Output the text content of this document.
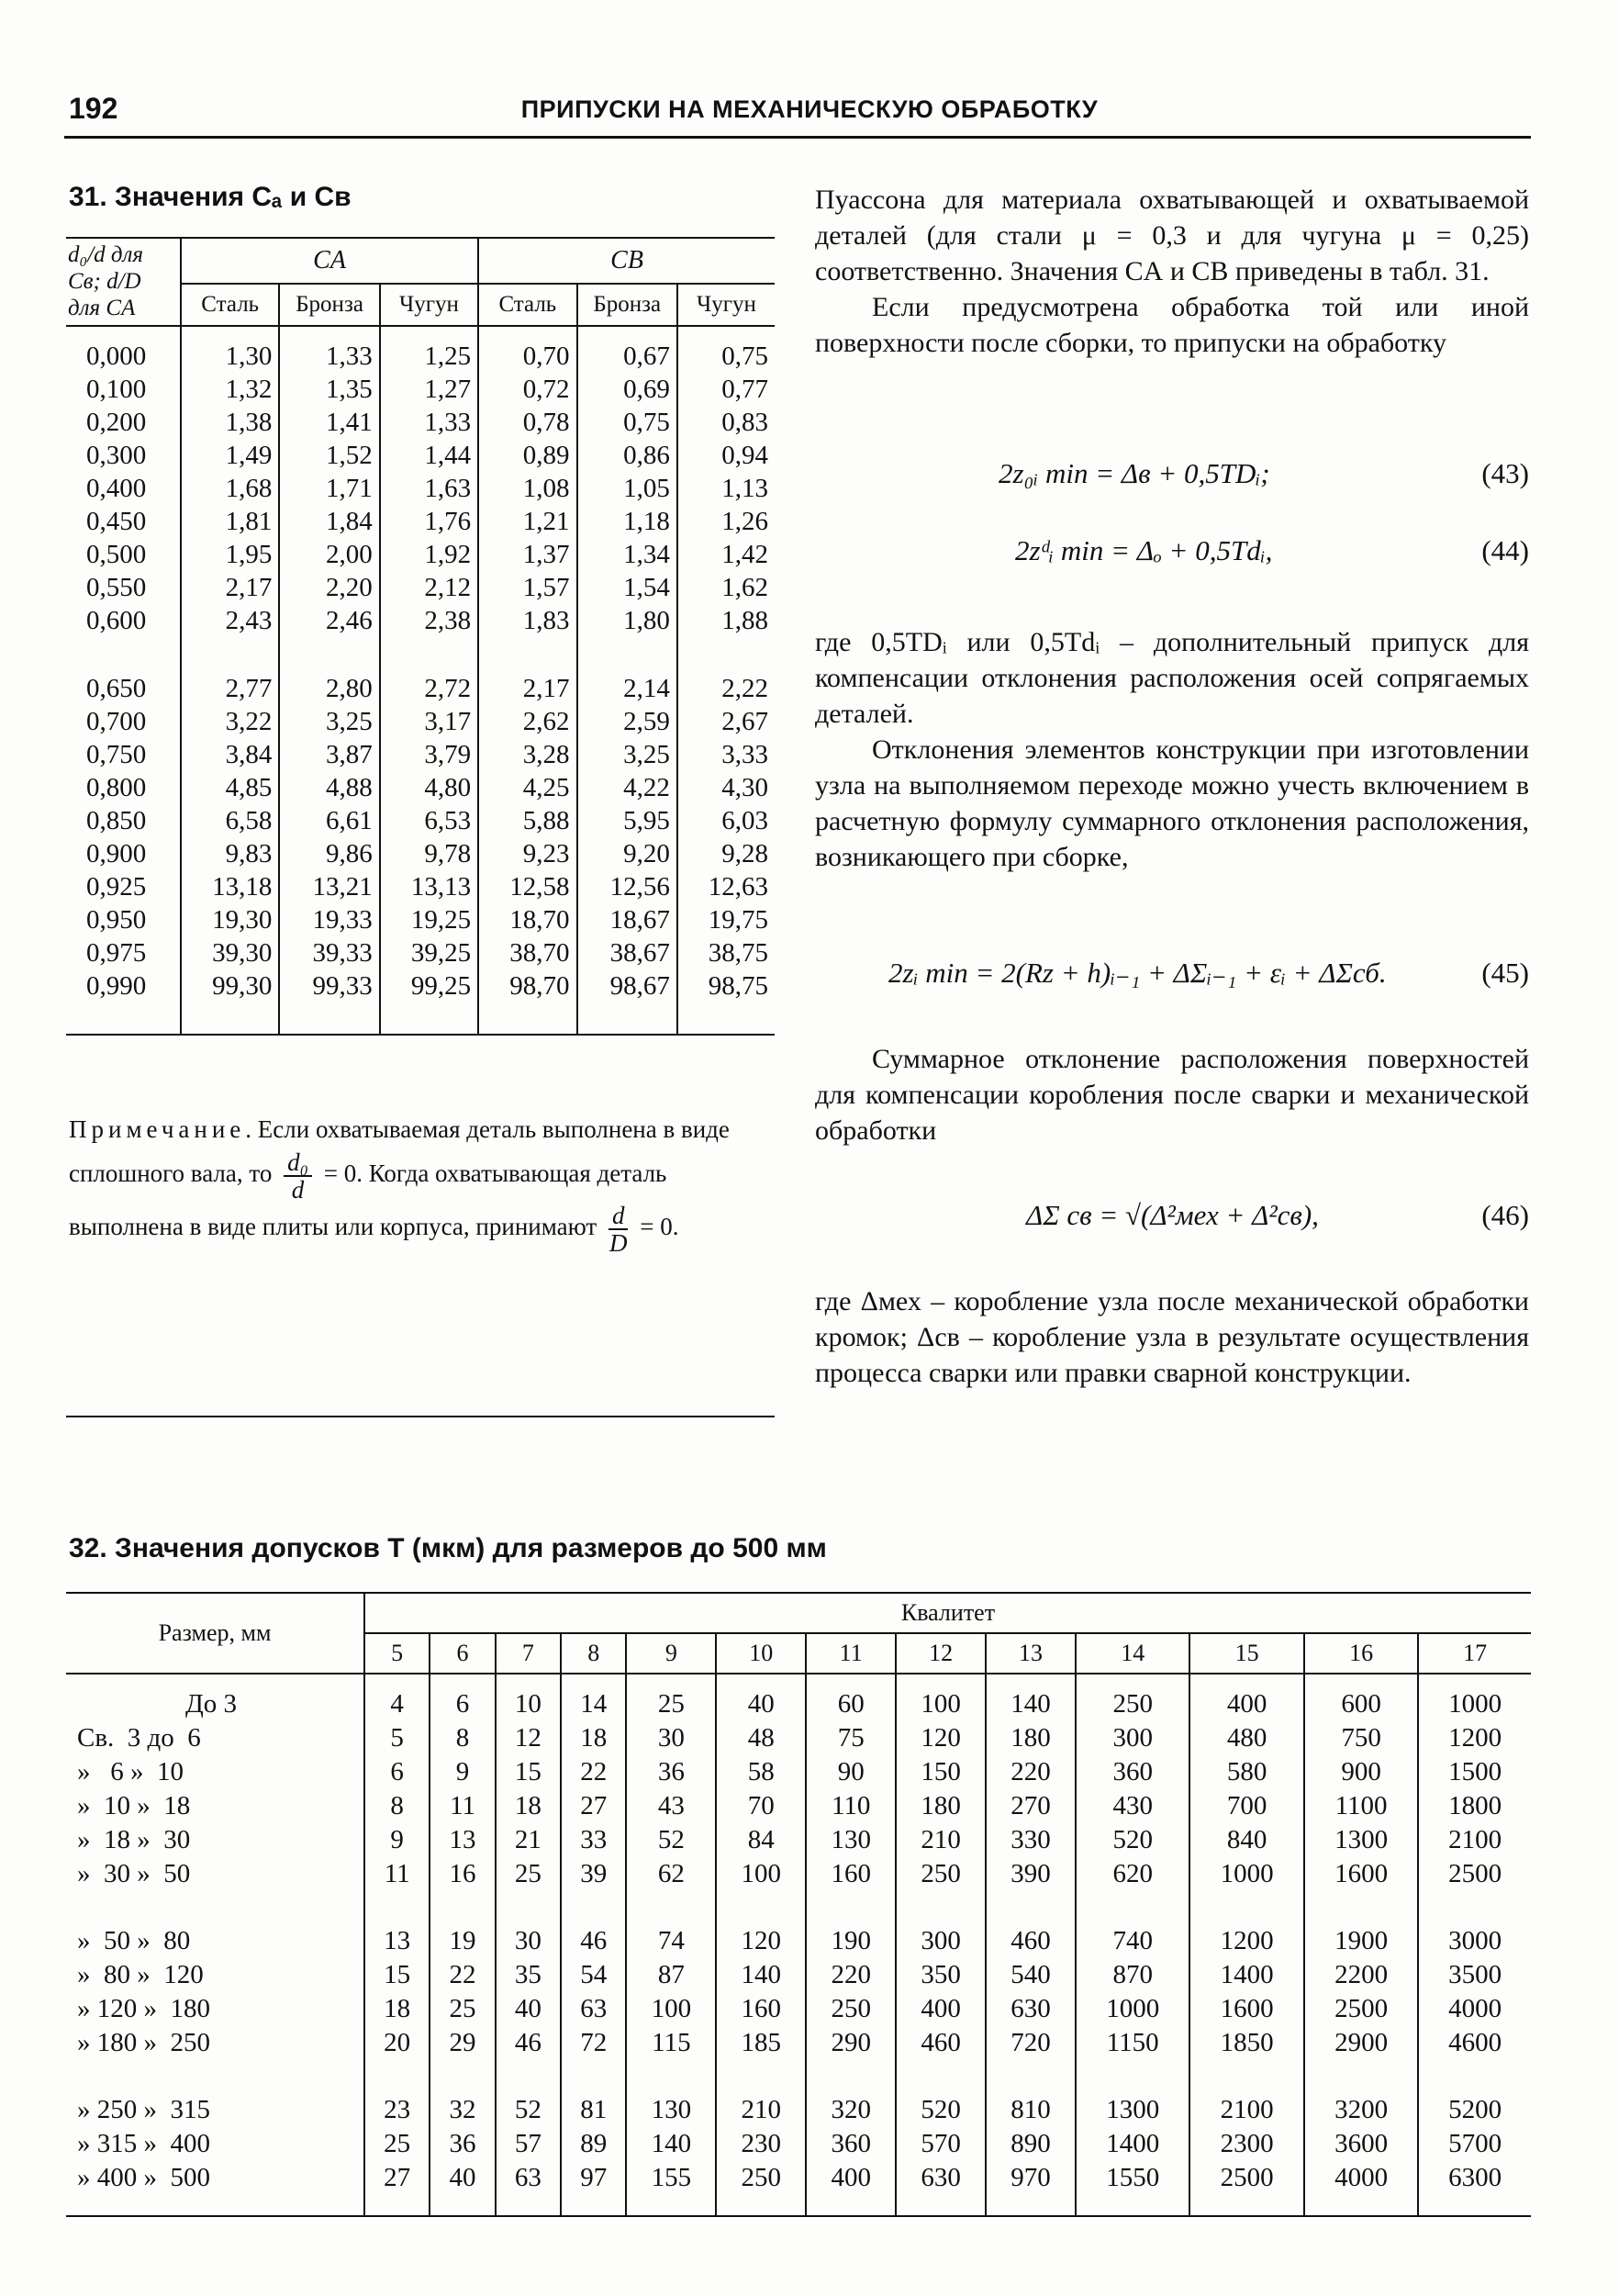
192	ПРИПУСКИ НА МЕХАНИЧЕСКУЮ ОБРАБОТКУ
31. Значения Cₐ и Cв
d₀/d для Cв; d/D для CА	CА			CВ		
	Сталь	Бронза	Чугун	Сталь	Бронза	Чугун
0,000	1,30	1,33	1,25	0,70	0,67	0,75
0,100	1,32	1,35	1,27	0,72	0,69	0,77
0,200	1,38	1,41	1,33	0,78	0,75	0,83
0,300	1,49	1,52	1,44	0,89	0,86	0,94
0,400	1,68	1,71	1,63	1,08	1,05	1,13
0,450	1,81	1,84	1,76	1,21	1,18	1,26
0,500	1,95	2,00	1,92	1,37	1,34	1,42
0,550	2,17	2,20	2,12	1,57	1,54	1,62
0,600	2,43	2,46	2,38	1,83	1,80	1,88
0,650	2,77	2,80	2,72	2,17	2,14	2,22
0,700	3,22	3,25	3,17	2,62	2,59	2,67
0,750	3,84	3,87	3,79	3,28	3,25	3,33
0,800	4,85	4,88	4,80	4,25	4,22	4,30
0,850	6,58	6,61	6,53	5,88	5,95	6,03
0,900	9,83	9,86	9,78	9,23	9,20	9,28
0,925	13,18	13,21	13,13	12,58	12,56	12,63
0,950	19,30	19,33	19,25	18,70	18,67	19,75
0,975	39,30	39,33	39,25	38,70	38,67	38,75
0,990	99,30	99,33	99,25	98,70	98,67	98,75

Примечание. Если охватываемая деталь выполнена в виде сплошного вала, то $\frac{\text{d₀}}{d} = 0$. Когда охватывающая деталь выполнена в виде плиты или корпуса, принимают $\frac{d}{D} = 0$.

Пуассона для материала охватывающей и охватываемой деталей (для стали μ = 0,3 и для чугуна μ = 0,25) соответственно. Значения CА и CВ приведены в табл. 31.

Если предусмотрена обработка той или иной поверхности после сборки, то припуски на обработку

2z₀ᵢ min = Δв + 0,5TDᵢ;	(43)
2zᵈᵢ min = Δₒ + 0,5Tdᵢ,	(44)

где 0,5TDᵢ или 0,5Tdᵢ – дополнительный припуск для компенсации отклонения расположения осей сопрягаемых деталей.

Отклонения элементов конструкции при изготовлении узла на выполняемом переходе можно учесть включением в расчетную формулу суммарного отклонения расположения, возникающего при сборке,

2zᵢ min = 2(Rz + h)ᵢ₋₁ + ΔΣᵢ₋₁ + εᵢ + ΔΣсб.	(45)

Суммарное отклонение расположения поверхностей для компенсации коробления после сварки и механической обработки

ΔΣ св = √(Δ²мех + Δ²св),	(46)

где Δмех – коробление узла после механической обработки кромок; Δсв – коробление узла в результате осуществления процесса сварки или правки сварной конструкции.

32. Значения допусков T (мкм) для размеров до 500 мм
Размер, мм	Квалитет												
	5	6	7	8	9	10	11	12	13	14	15	16	17
До 3	4	6	10	14	25	40	60	100	140	250	400	600	1000
Св.  3 до  6	5	8	12	18	30	48	75	120	180	300	480	750	1200
»   6 »  10	6	9	15	22	36	58	90	150	220	360	580	900	1500
»  10 »  18	8	11	18	27	43	70	110	180	270	430	700	1100	1800
»  18 »  30	9	13	21	33	52	84	130	210	330	520	840	1300	2100
»  30 »  50	11	16	25	39	62	100	160	250	390	620	1000	1600	2500
»  50 »  80	13	19	30	46	74	120	190	300	460	740	1200	1900	3000
»  80 »  120	15	22	35	54	87	140	220	350	540	870	1400	2200	3500
» 120 »  180	18	25	40	63	100	160	250	400	630	1000	1600	2500	4000
» 180 »  250	20	29	46	72	115	185	290	460	720	1150	1850	2900	4600
» 250 »  315	23	32	52	81	130	210	320	520	810	1300	2100	3200	5200
» 315 »  400	25	36	57	89	140	230	360	570	890	1400	2300	3600	5700
» 400 »  500	27	40	63	97	155	250	400	630	970	1550	2500	4000	6300
